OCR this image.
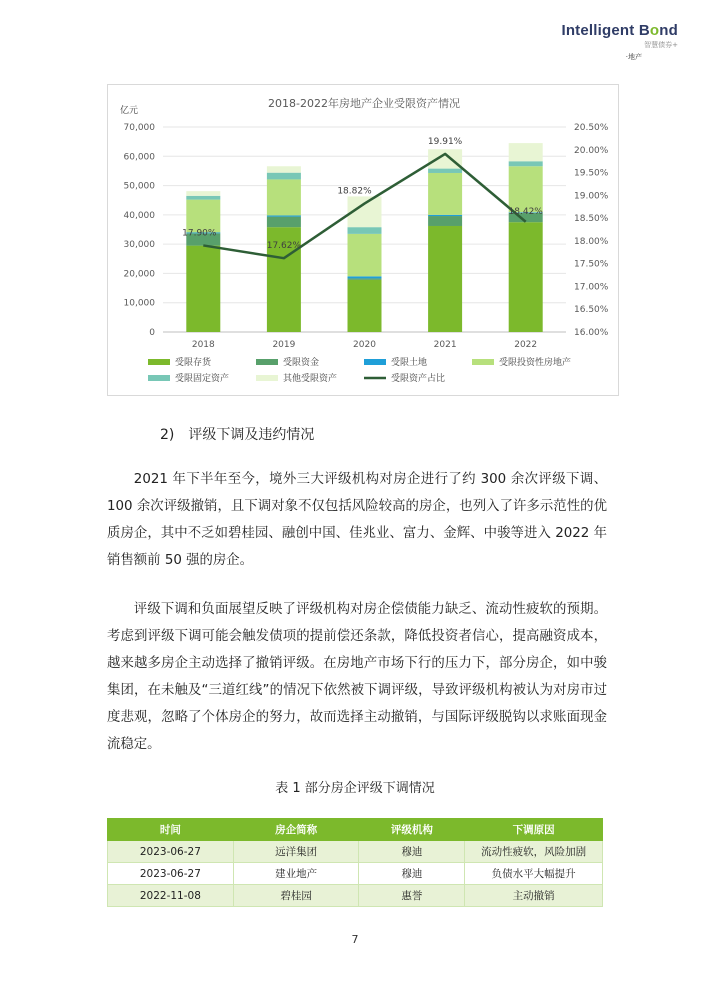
Intelligent Bond
智慧债券+
·地产
2018-2022年房地产企业受限资产情况
亿元
0
10,000
20,000
30,000
40,000
50,000
60,000
70,000
16.00%
16.50%
17.00%
17.50%
18.00%
18.50%
19.00%
19.50%
20.00%
20.50%
2018	2019	2020	2021	2022
17.90%
17.62%
18.82%
19.91%
18.42%
受限存货	受限资金	受限土地	受限投资性房地产
受限固定资产	其他受限资产	受限资产占比
2)　评级下调及违约情况

2021 年下半年至今，境外三大评级机构对房企进行了约 300 余次评级下调、100 余次评级撤销，且下调对象不仅包括风险较高的房企，也列入了许多示范性的优质房企，其中不乏如碧桂园、融创中国、佳兆业、富力、金辉、中骏等进入 2022 年销售额前 50 强的房企。

评级下调和负面展望反映了评级机构对房企偿债能力缺乏、流动性疲软的预期。考虑到评级下调可能会触发债项的提前偿还条款，降低投资者信心，提高融资成本，越来越多房企主动选择了撤销评级。在房地产市场下行的压力下，部分房企，如中骏集团，在未触及“三道红线”的情况下依然被下调评级，导致评级机构被认为对房市过度悲观，忽略了个体房企的努力，故而选择主动撤销，与国际评级脱钩以求账面现金流稳定。

表 1 部分房企评级下调情况
时间	房企简称	评级机构	下调原因
2023-06-27	远洋集团	穆迪	流动性疲软，风险加剧
2023-06-27	建业地产	穆迪	负债水平大幅提升
2022-11-08	碧桂园	惠誉	主动撤销
7
